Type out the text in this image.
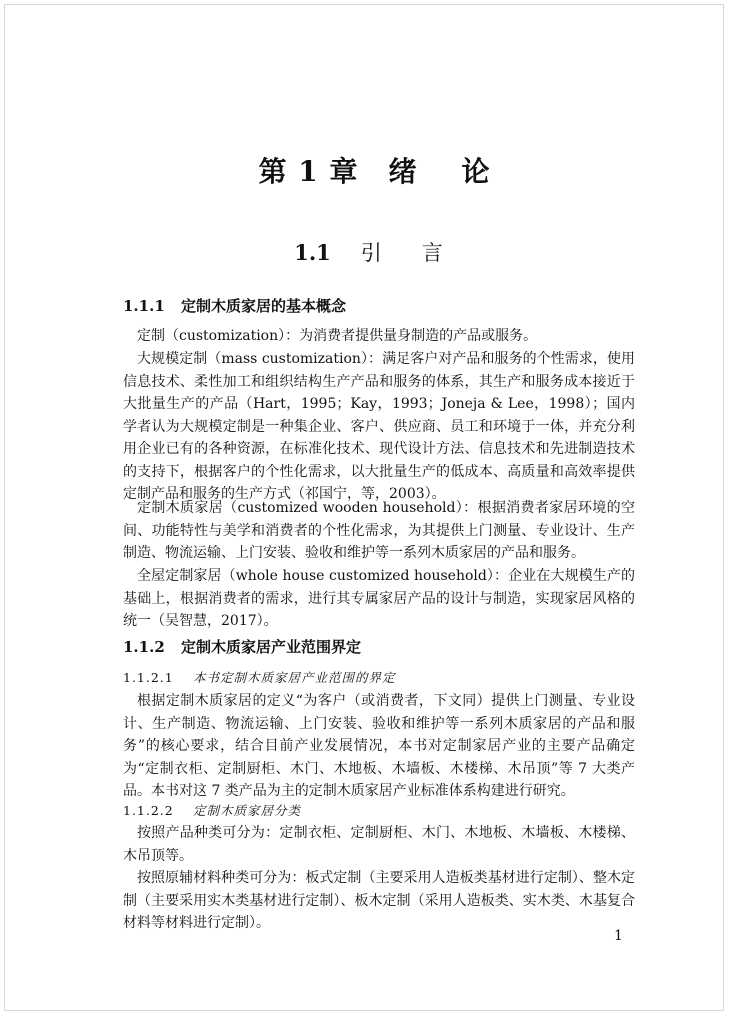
第 1 章 绪 论
1.1 引 言
1.1.1 定制木质家居的基本概念
定制（customization）：为消费者提供量身制造的产品或服务。
大规模定制（mass customization）：满足客户对产品和服务的个性需求，使用信息技术、柔性加工和组织结构生产产品和服务的体系，其生产和服务成本接近于大批量生产的产品（Hart，1995；Kay，1993；Joneja & Lee，1998）；国内学者认为大规模定制是一种集企业、客户、供应商、员工和环境于一体，并充分利用企业已有的各种资源，在标准化技术、现代设计方法、信息技术和先进制造技术的支持下，根据客户的个性化需求，以大批量生产的低成本、高质量和高效率提供定制产品和服务的生产方式（祁国宁，等，2003）。
定制木质家居（customized wooden household）：根据消费者家居环境的空间、功能特性与美学和消费者的个性化需求，为其提供上门测量、专业设计、生产制造、物流运输、上门安装、验收和维护等一系列木质家居的产品和服务。
全屋定制家居（whole house customized household）：企业在大规模生产的基础上，根据消费者的需求，进行其专属家居产品的设计与制造，实现家居风格的统一（吴智慧，2017）。
1.1.2 定制木质家居产业范围界定
1.1.2.1 本书定制木质家居产业范围的界定
根据定制木质家居的定义“为客户（或消费者，下文同）提供上门测量、专业设计、生产制造、物流运输、上门安装、验收和维护等一系列木质家居的产品和服务”的核心要求，结合目前产业发展情况，本书对定制家居产业的主要产品确定为“定制衣柜、定制厨柜、木门、木地板、木墙板、木楼梯、木吊顶”等 7 大类产品。本书对这 7 类产品为主的定制木质家居产业标准体系构建进行研究。
1.1.2.2 定制木质家居分类
按照产品种类可分为：定制衣柜、定制厨柜、木门、木地板、木墙板、木楼梯、木吊顶等。
按照原辅材料种类可分为：板式定制（主要采用人造板类基材进行定制）、整木定制（主要采用实木类基材进行定制）、板木定制（采用人造板类、实木类、木基复合材料等材料进行定制）。
1
